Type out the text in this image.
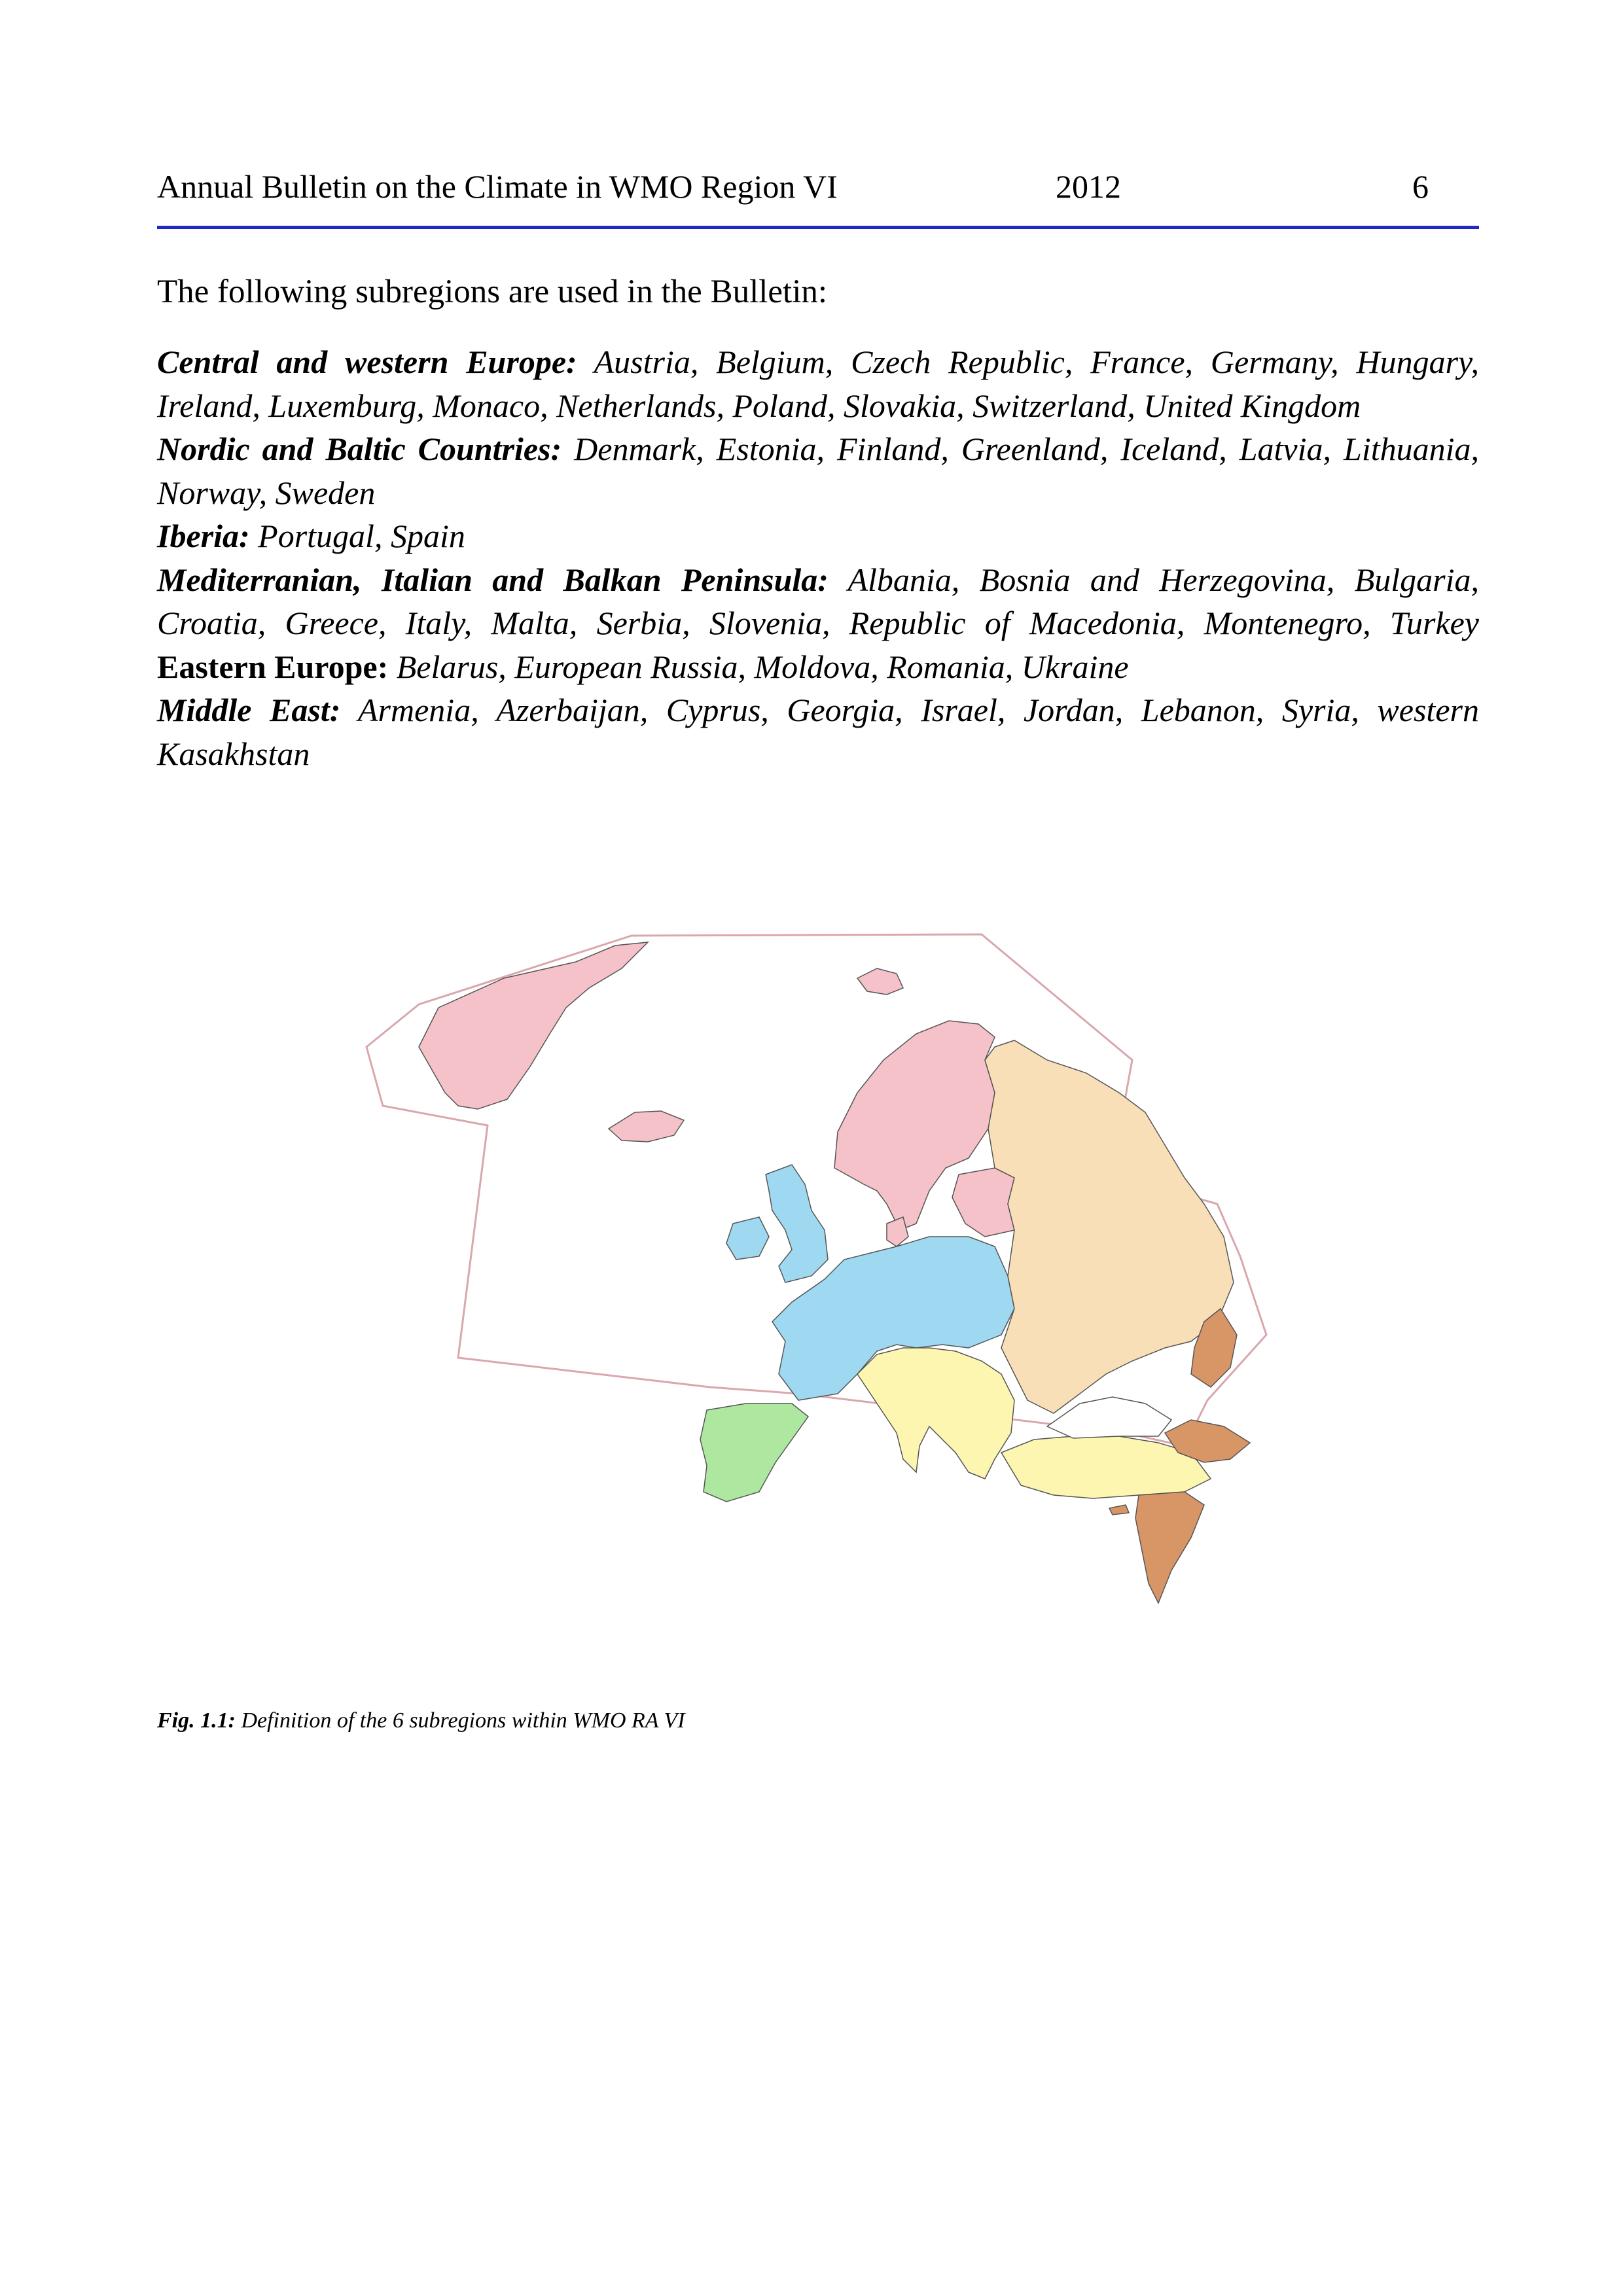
Annual Bulletin on the Climate in WMO Region VI	2012	6
The following subregions are used in the Bulletin:

Central and western Europe: Austria, Belgium, Czech Republic, France, Germany, Hungary, Ireland, Luxemburg, Monaco, Netherlands, Poland, Slovakia, Switzerland, United Kingdom

Nordic and Baltic Countries: Denmark, Estonia, Finland, Greenland, Iceland, Latvia, Lithuania, Norway, Sweden

Iberia: Portugal, Spain

Mediterranian, Italian and Balkan Peninsula: Albania, Bosnia and Herzegovina, Bulgaria, Croatia, Greece, Italy, Malta, Serbia, Slovenia, Republic of Macedonia, Montenegro, Turkey Eastern Europe: Belarus, European Russia, Moldova, Romania, Ukraine

Middle East: Armenia, Azerbaijan, Cyprus, Georgia, Israel, Jordan, Lebanon, Syria, western Kasakhstan

Fig. 1.1: Definition of the 6 subregions within WMO RA VI
